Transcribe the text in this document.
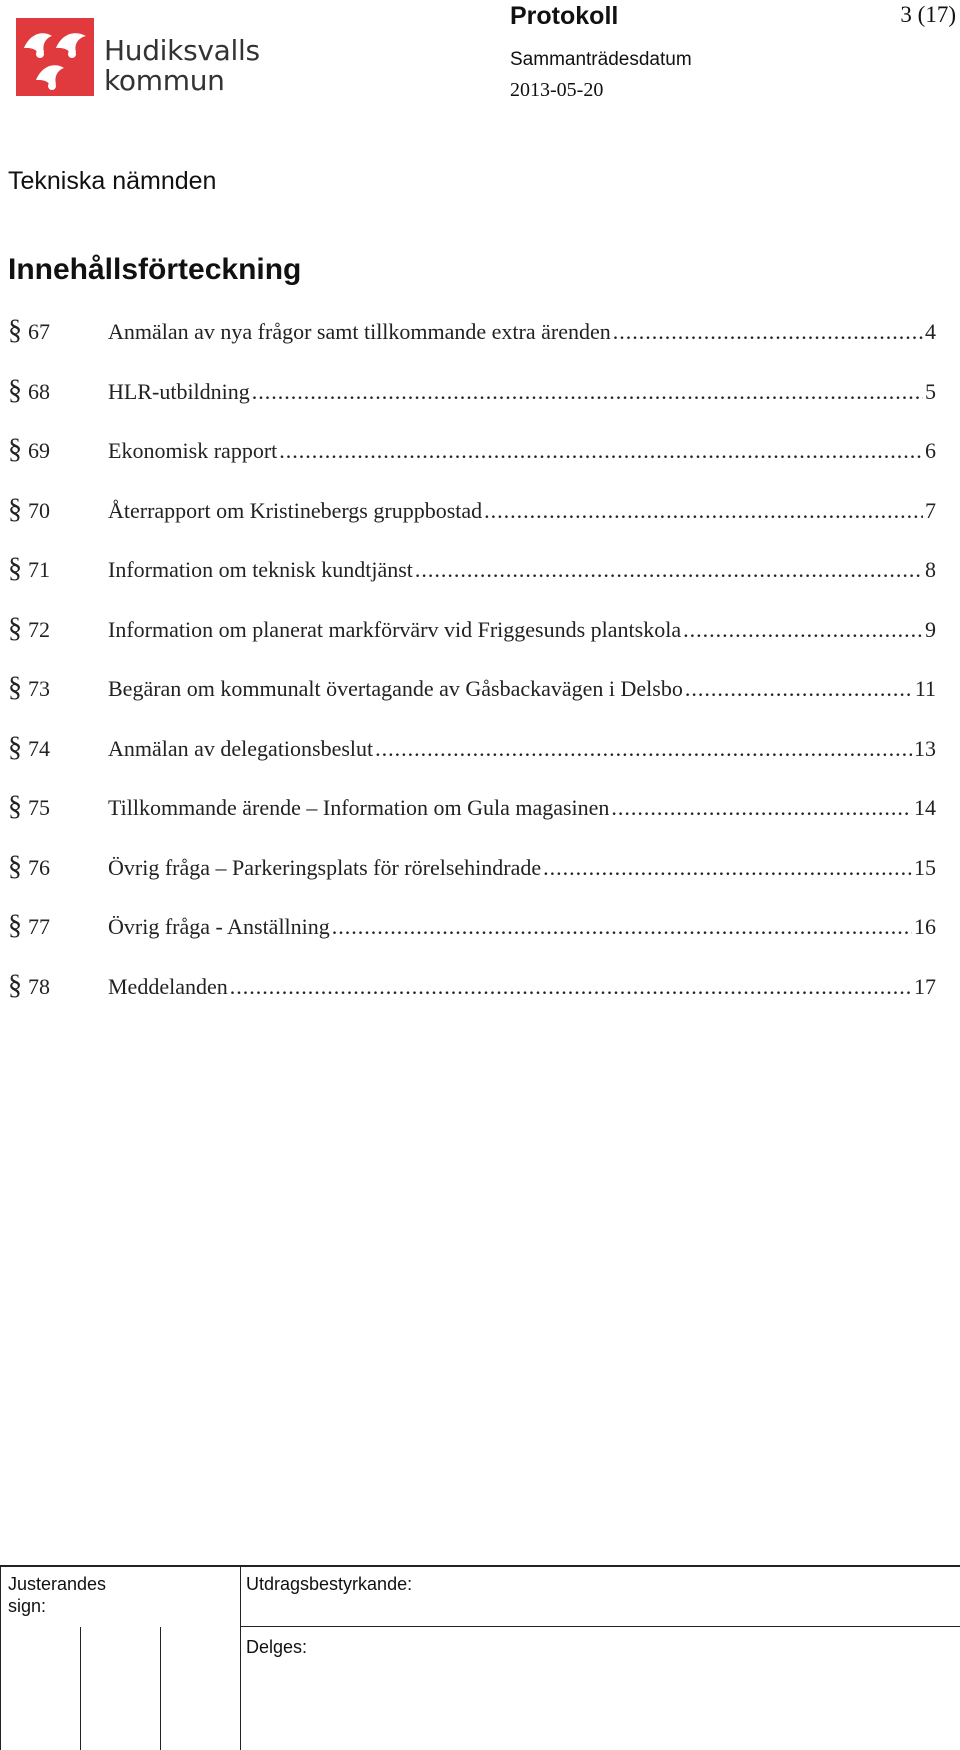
Hudiksvalls
kommun
Protokoll	3 (17)
Sammanträdesdatum
2013-05-20
Tekniska nämnden
Innehållsförteckning
§ 67	Anmälan av nya frågor samt tillkommande extra ärenden .....	4
§ 68	HLR-utbildning .....	5
§ 69	Ekonomisk rapport .....	6
§ 70	Återrapport om Kristinebergs gruppbostad .....	7
§ 71	Information om teknisk kundtjänst .....	8
§ 72	Information om planerat markförvärv vid Friggesunds plantskola .....	9
§ 73	Begäran om kommunalt övertagande av Gåsbackavägen i Delsbo .....	11
§ 74	Anmälan av delegationsbeslut .....	13
§ 75	Tillkommande ärende – Information om Gula magasinen .....	14
§ 76	Övrig fråga – Parkeringsplats för rörelsehindrade .....	15
§ 77	Övrig fråga - Anställning .....	16
§ 78	Meddelanden .....	17
Justerandes
sign:
Utdragsbestyrkande:
Delges:
